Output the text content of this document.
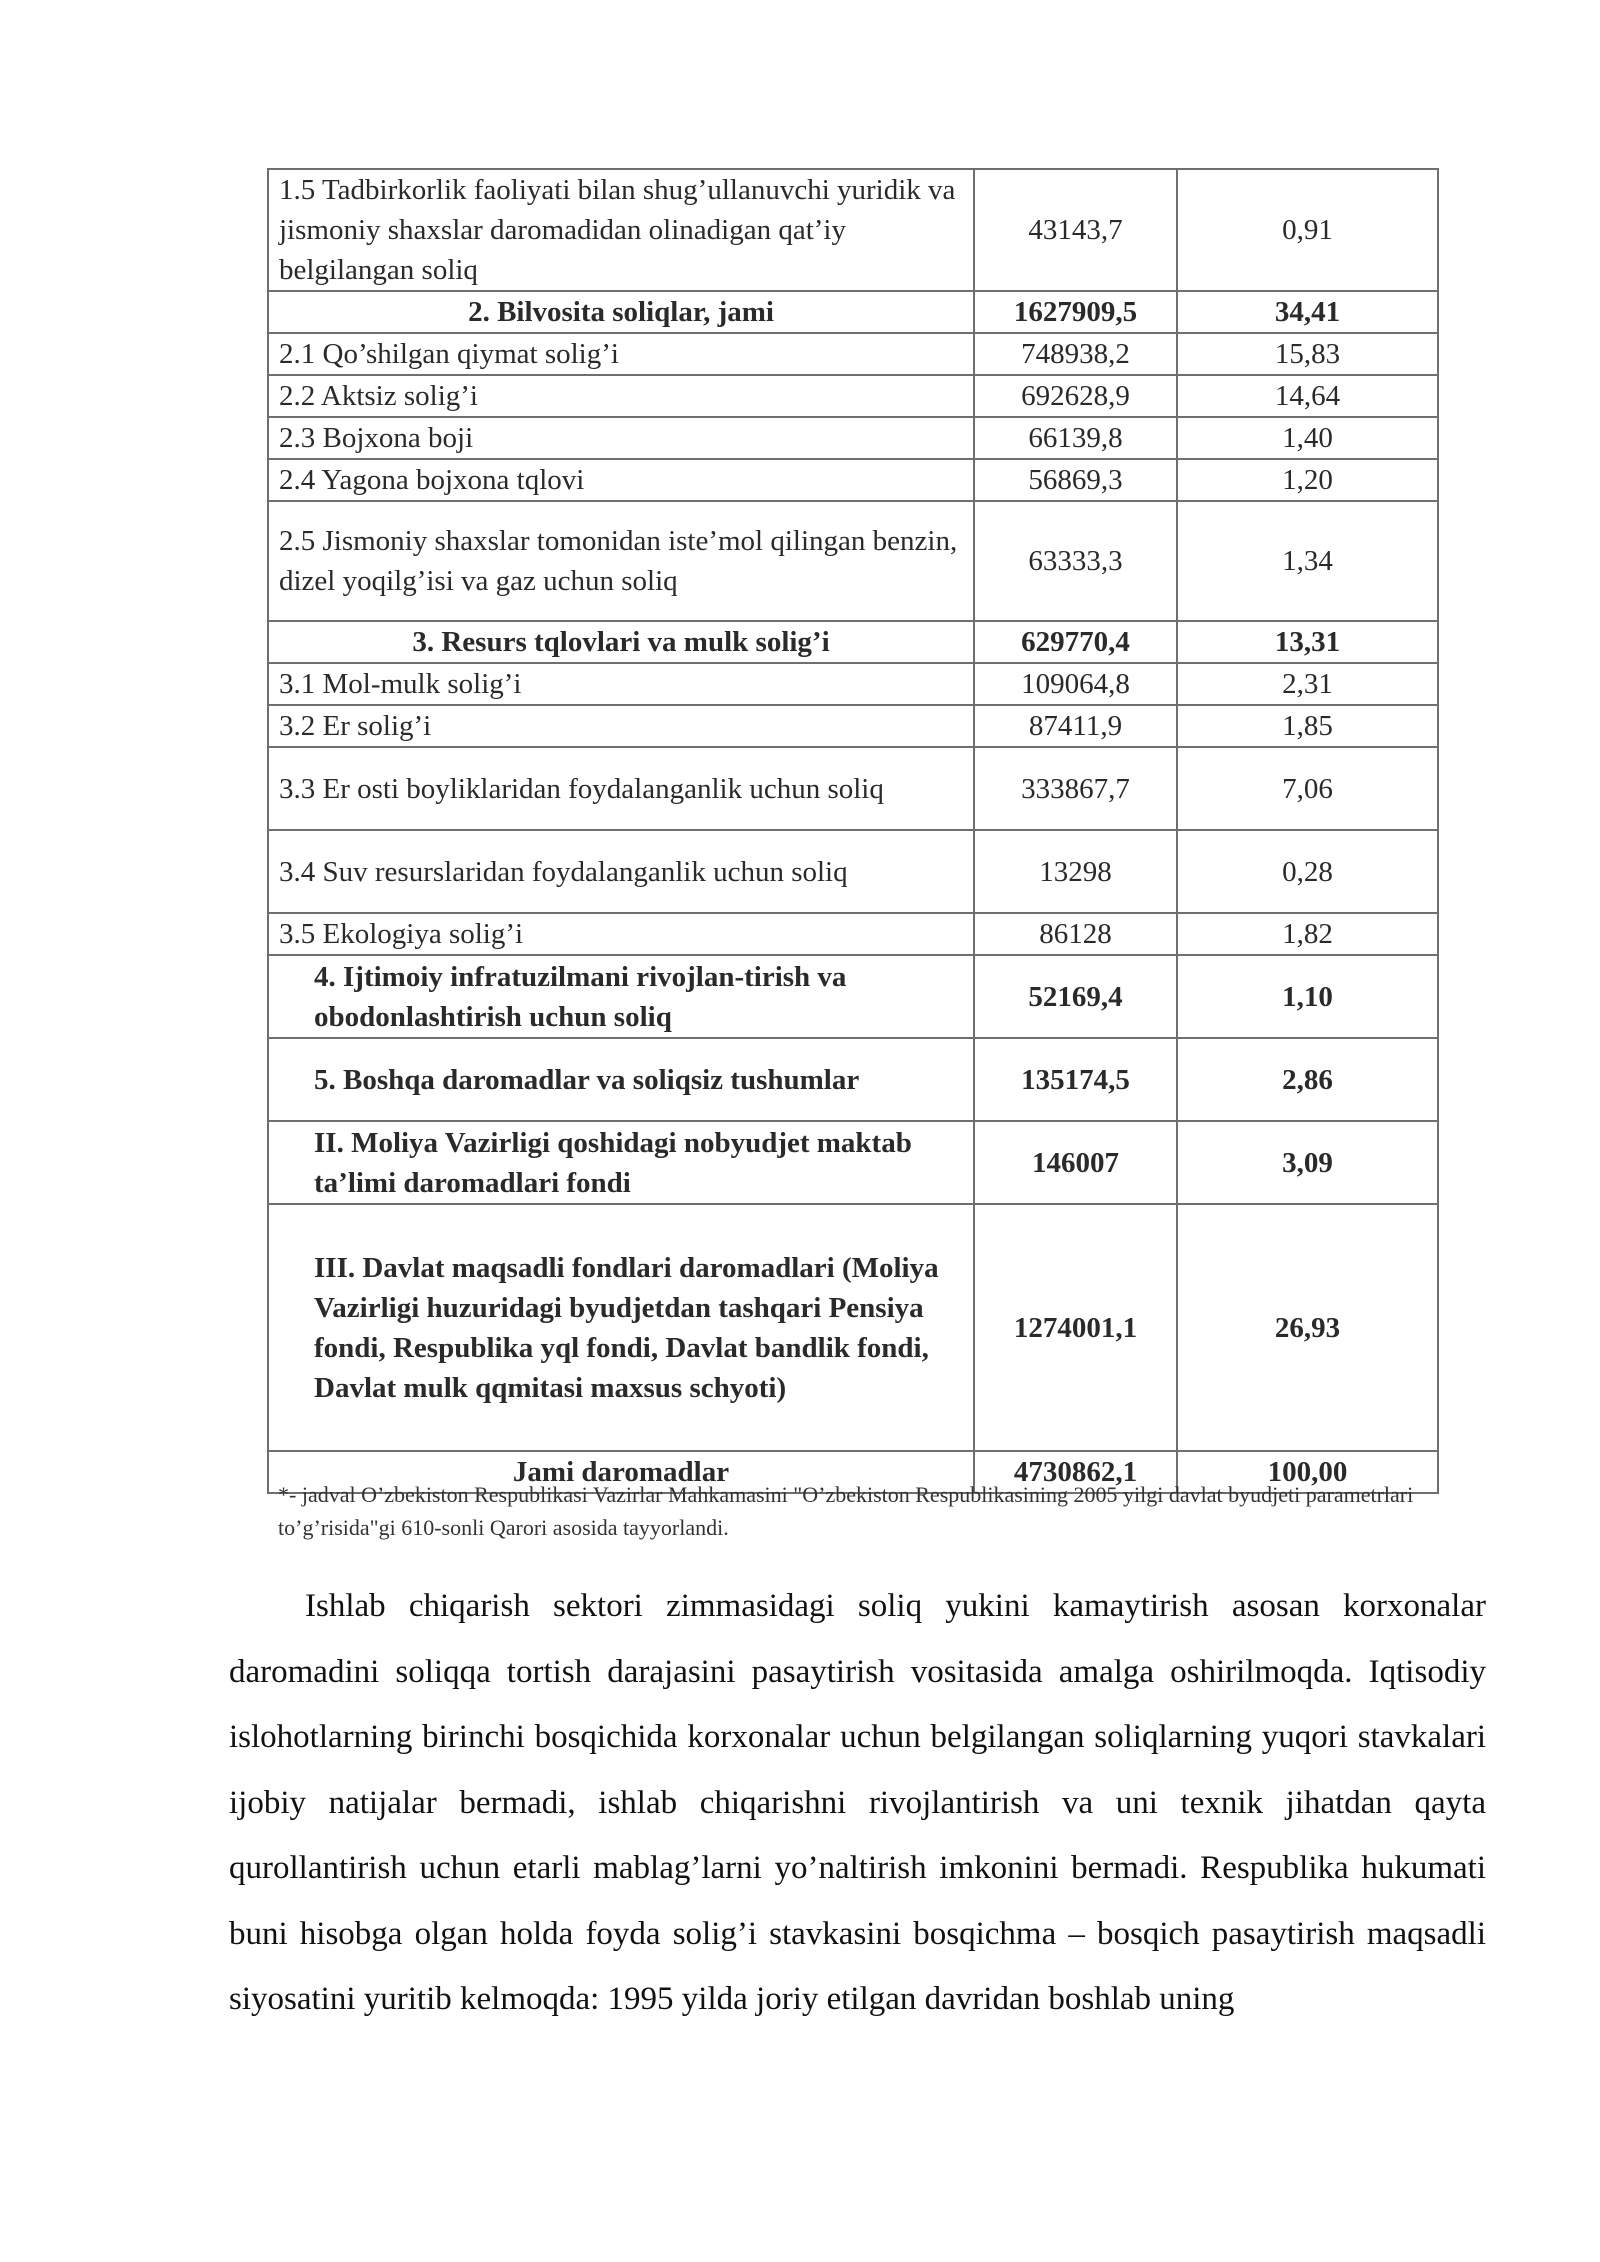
1.5 Tadbirkorlik faoliyati bilan shug’ullanuvchi yuridik va jismoniy shaxslar daromadidan olinadigan qat’iy belgilangan soliq	43143,7	0,91
2. Bilvosita soliqlar, jami	1627909,5	34,41
2.1 Qo’shilgan qiymat solig’i	748938,2	15,83
2.2 Aktsiz solig’i	692628,9	14,64
2.3 Bojxona boji	66139,8	1,40
2.4 Yagona bojxona tqlovi	56869,3	1,20
2.5 Jismoniy shaxslar tomonidan iste’mol qilingan benzin, dizel yoqilg’isi va gaz uchun soliq	63333,3	1,34
3. Resurs tqlovlari va mulk solig’i	629770,4	13,31
3.1 Mol-mulk solig’i	109064,8	2,31
3.2 Er solig’i	87411,9	1,85
3.3 Er osti boyliklaridan foydalanganlik uchun soliq	333867,7	7,06
3.4 Suv resurslaridan foydalanganlik uchun soliq	13298	0,28
3.5 Ekologiya solig’i	86128	1,82
4. Ijtimoiy infratuzilmani rivojlan-tirish va obodonlashtirish uchun soliq	52169,4	1,10
5. Boshqa daromadlar va soliqsiz tushumlar	135174,5	2,86
II. Moliya Vazirligi qoshidagi nobyudjet maktab ta’limi daromadlari fondi	146007	3,09
III. Davlat maqsadli fondlari daromadlari (Moliya Vazirligi huzuridagi byudjetdan tashqari Pensiya fondi, Respublika yql fondi, Davlat bandlik fondi, Davlat mulk qqmitasi maxsus schyoti)	1274001,1	26,93
Jami daromadlar	4730862,1	100,00
*- jadval O’zbekiston Respublikasi Vazirlar Mahkamasini "O’zbekiston Respublikasining 2005 yilgi davlat byudjeti parametrlari to’g’risida"gi 610-sonli Qarori asosida tayyorlandi.

Ishlab chiqarish sektori zimmasidagi soliq yukini kamaytirish asosan korxonalar daromadini soliqqa tortish darajasini pasaytirish vositasida amalga oshirilmoqda. Iqtisodiy islohotlarning birinchi bosqichida korxonalar uchun belgilangan soliqlarning yuqori stavkalari ijobiy natijalar bermadi, ishlab chiqarishni rivojlantirish va uni texnik jihatdan qayta qurollantirish uchun etarli mablag’larni yo’naltirish imkonini bermadi. Respublika hukumati buni hisobga olgan holda foyda solig’i stavkasini bosqichma – bosqich pasaytirish maqsadli siyosatini yuritib kelmoqda: 1995 yilda joriy etilgan davridan boshlab uning
